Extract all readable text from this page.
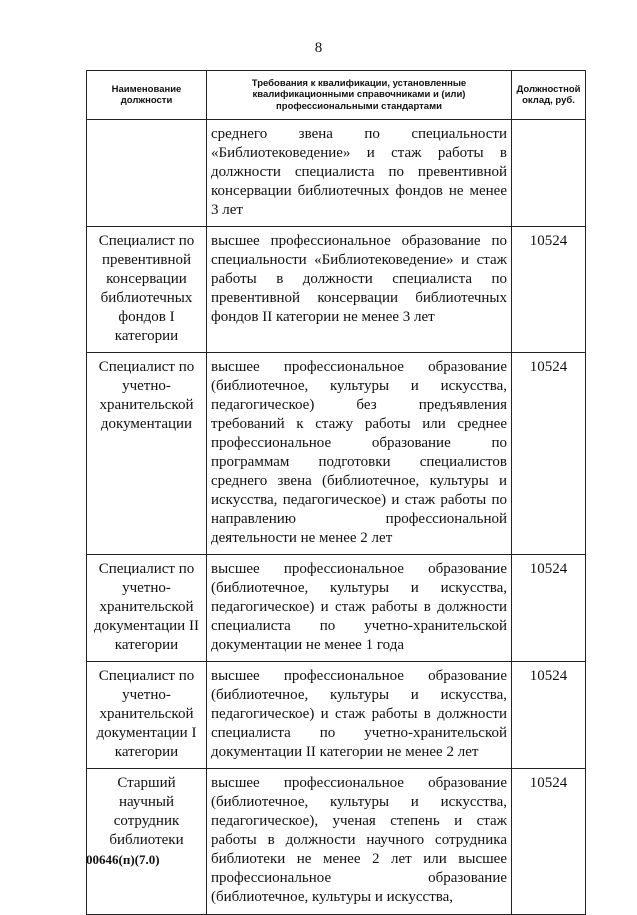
8
Наименование должности	Требования к квалификации, установленные квалификационными справочниками и (или) профессиональными стандартами	Должностной оклад, руб.
	среднего звена по специальности «Библиотековедение» и стаж работы в должности специалиста по превентивной консервации библиотечных фондов не менее 3 лет	
Специалист по превентивной консервации библиотечных фондов I категории	высшее профессиональное образование по специальности «Библиотековедение» и стаж работы в должности специалиста по превентивной консервации библиотечных фондов II категории не менее 3 лет	10524
Специалист по учетно-хранительской документации	высшее профессиональное образование (библиотечное, культуры и искусства, педагогическое) без предъявления требований к стажу работы или среднее профессиональное образование по программам подготовки специалистов среднего звена (библиотечное, культуры и искусства, педагогическое) и стаж работы по направлению профессиональной деятельности не менее 2 лет	10524
Специалист по учетно-хранительской документации II категории	высшее профессиональное образование (библиотечное, культуры и искусства, педагогическое) и стаж работы в должности специалиста по учетно-хранительской документации не менее 1 года	10524
Специалист по учетно-хранительской документации I категории	высшее профессиональное образование (библиотечное, культуры и искусства, педагогическое) и стаж работы в должности специалиста по учетно-хранительской документации II категории не менее 2 лет	10524
Старший научный сотрудник библиотеки	высшее профессиональное образование (библиотечное, культуры и искусства, педагогическое), ученая степень и стаж работы в должности научного сотрудника библиотеки не менее 2 лет или высшее профессиональное образование (библиотечное, культуры и искусства,	10524
00646(п)(7.0)
